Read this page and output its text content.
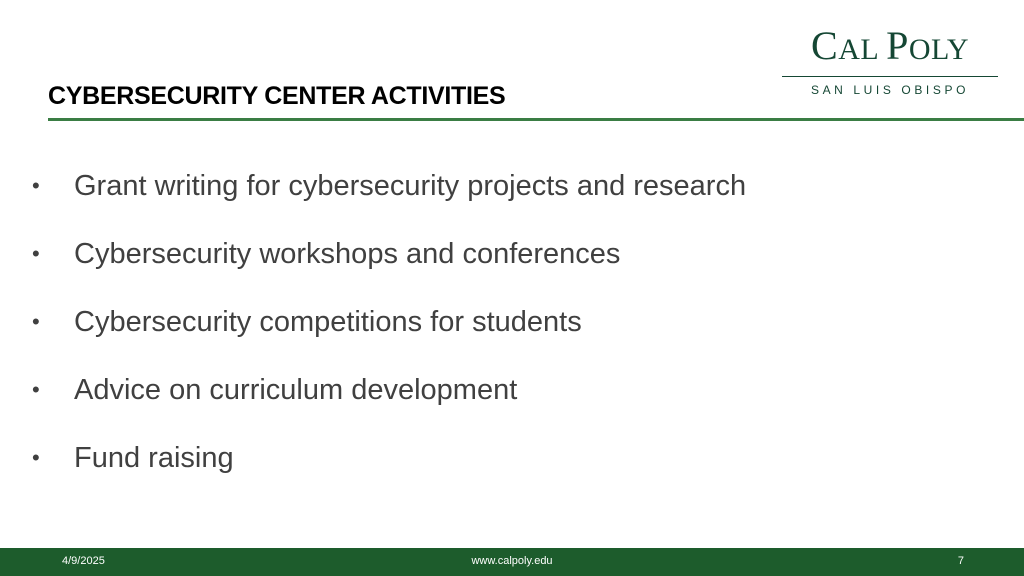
CAL POLY
SAN LUIS OBISPO
CYBERSECURITY CENTER ACTIVITIES
•	Grant writing for cybersecurity projects and research
•	Cybersecurity workshops and conferences
•	Cybersecurity competitions for students
•	Advice on curriculum development
•	Fund raising
4/9/2025	www.calpoly.edu	7
